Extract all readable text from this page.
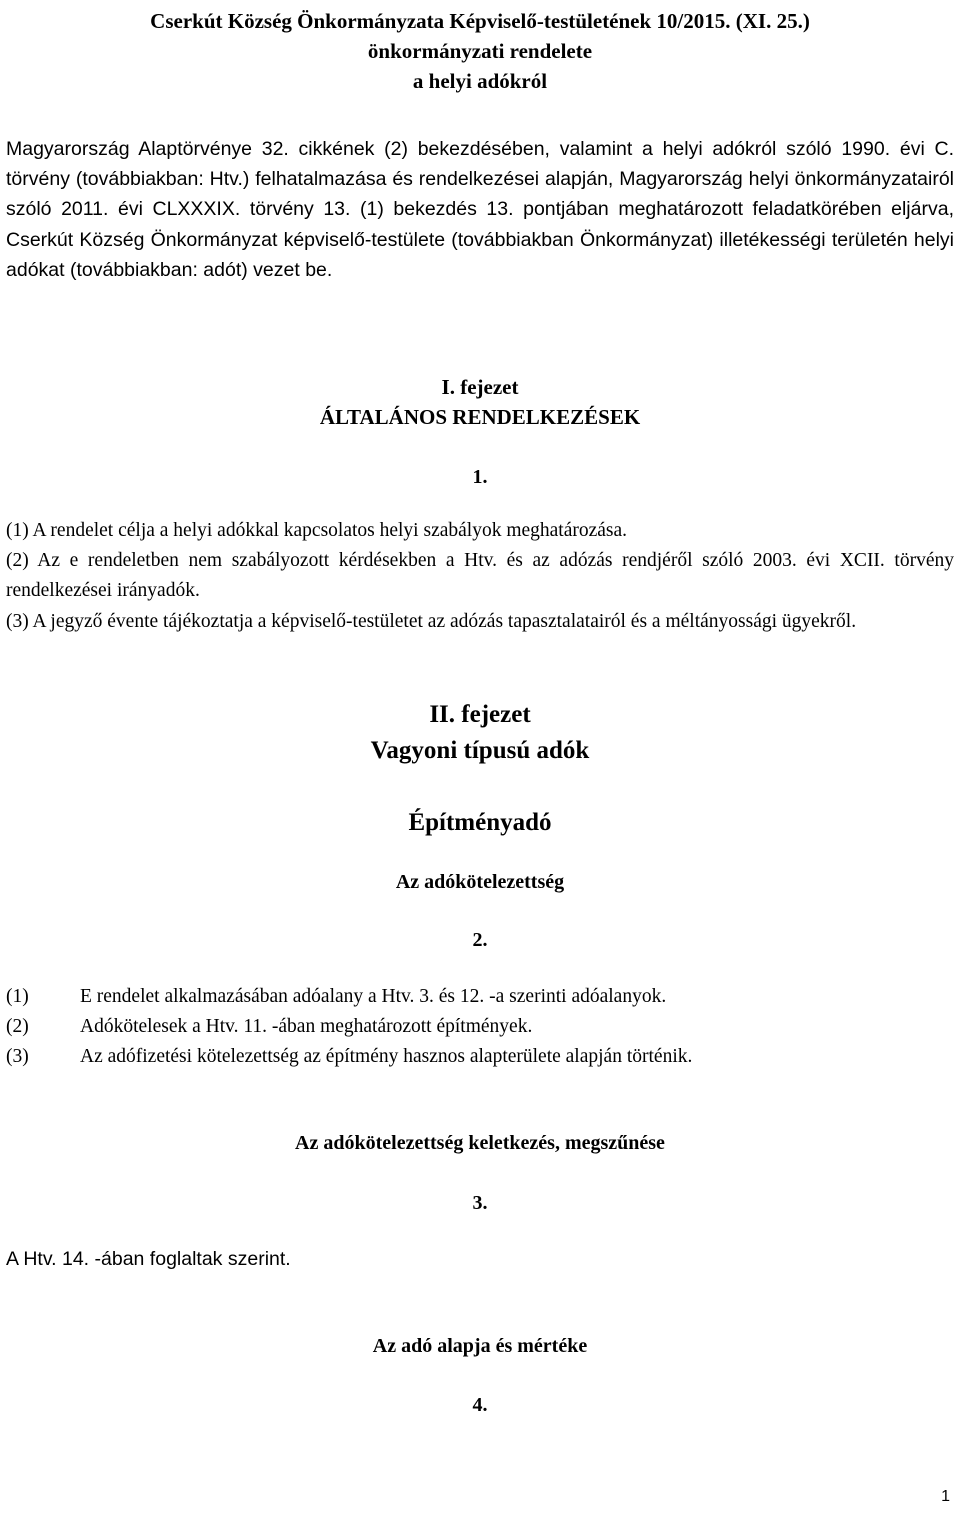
Cserkút Község Önkormányzata Képviselő-testületének 10/2015. (XI. 25.)
önkormányzati rendelete
a helyi adókról

Magyarország Alaptörvénye 32. cikkének (2) bekezdésében, valamint a helyi adókról szóló 1990. évi C. törvény (továbbiakban: Htv.) felhatalmazása és rendelkezései alapján, Magyarország helyi önkormányzatairól szóló 2011. évi CLXXXIX. törvény 13. (1) bekezdés 13. pontjában meghatározott feladatkörében eljárva, Cserkút Község Önkormányzat képviselő-testülete (továbbiakban Önkormányzat) illetékességi területén helyi adókat (továbbiakban: adót) vezet be.

I. fejezet
ÁLTALÁNOS RENDELKEZÉSEK
1.
(1) A rendelet célja a helyi adókkal kapcsolatos helyi szabályok meghatározása.
(2) Az e rendeletben nem szabályozott kérdésekben a Htv. és az adózás rendjéről szóló 2003. évi XCII. törvény rendelkezései irányadók.
(3) A jegyző évente tájékoztatja a képviselő-testületet az adózás tapasztalatairól és a méltányossági ügyekről.
II. fejezet
Vagyoni típusú adók
Építményadó
Az adókötelezettség
2.
(1)	E rendelet alkalmazásában adóalany a Htv. 3. és 12. -a szerinti adóalanyok.
(2)	Adókötelesek a Htv. 11. -ában meghatározott építmények.
(3)	Az adófizetési kötelezettség az építmény hasznos alapterülete alapján történik.
Az adókötelezettség keletkezés, megszűnése
3.
A Htv. 14. -ában foglaltak szerint.
Az adó alapja és mértéke
4.
1
